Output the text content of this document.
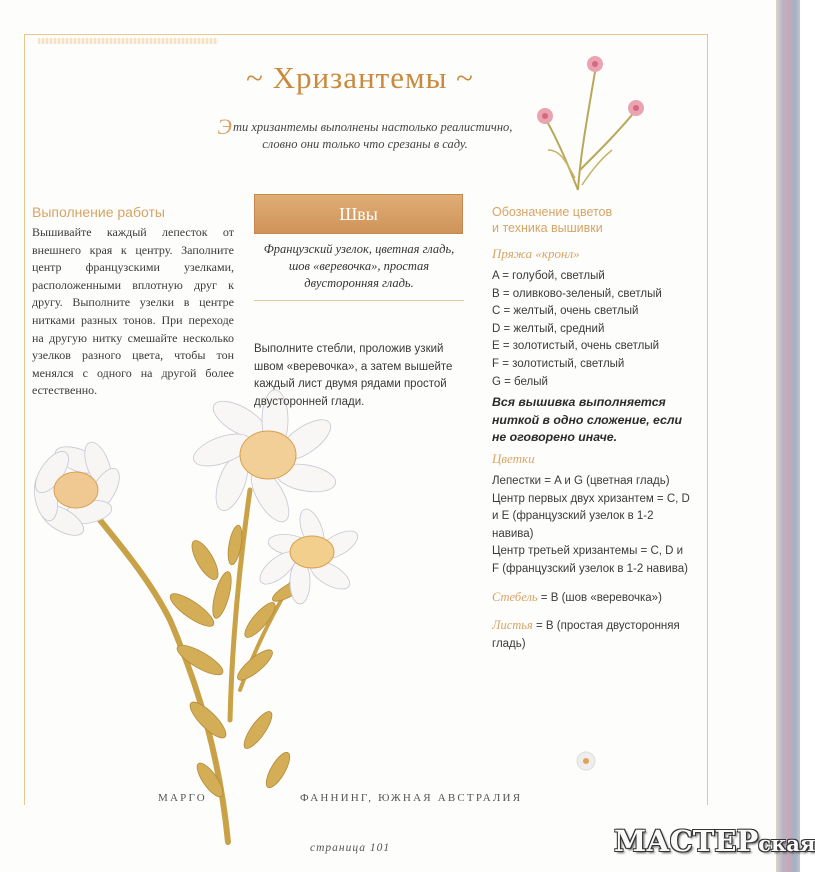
~ Хризантемы ~
Эти хризантемы выполнены настолько реалистично, словно они только что срезаны в саду.
Выполнение работы
Вышивайте каждый лепесток от внешнего края к центру. Заполните центр французскими узелками, расположенными вплотную друг к другу. Выполните узелки в центре нитками разных тонов. При переходе на другую нитку смешайте несколько узелков разного цвета, чтобы тон менялся с одного на другой более естественно.
Швы
Французский узелок, цветная гладь, шов «веревочка», простая двусторонняя гладь.
Выполните стебли, проложив узкий швом «веревочка», а затем вышейте каждый лист двумя рядами простой двусторонней глади.
Обозначение цветов
и техника вышивки
Пряжа «кронл»
A = голубой, светлый
B = оливково-зеленый, светлый
C = желтый, очень светлый
D = желтый, средний
E = золотистый, очень светлый
F = золотистый, светлый
G = белый
Вся вышивка выполняется ниткой в одно сложение, если не оговорено иначе.
Цветки
Лепестки = A и G (цветная гладь)
Центр первых двух хризантем = C, D и E (французский узелок в 1-2 навива)
Центр третьей хризантемы = C, D и F (французский узелок в 1-2 навива)
Стебель = B (шов «веревочка»)
Листья = B (простая двусторонняя гладь)
МАРГО	ФАННИНГ, ЮЖНАЯ АВСТРАЛИЯ
страница 101	МАСТЕРская
